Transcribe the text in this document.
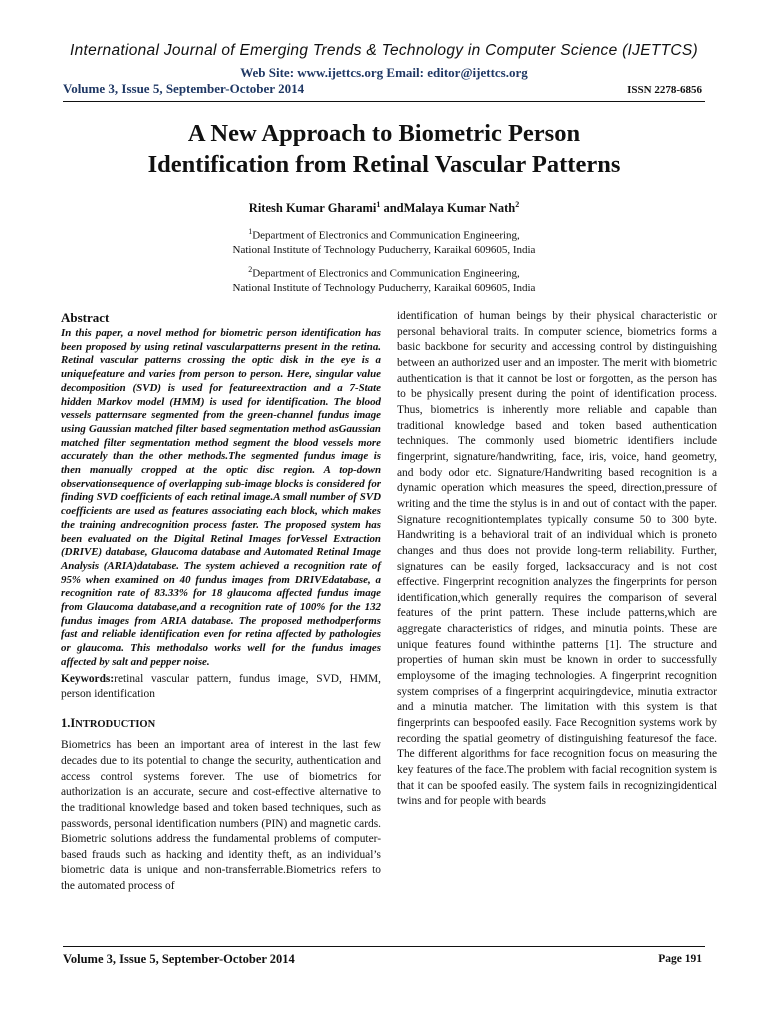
International Journal of Emerging Trends & Technology in Computer Science (IJETTCS)
Web Site: www.ijettcs.org Email: editor@ijettcs.org
Volume 3, Issue 5, September-October 2014	ISSN 2278-6856
A New Approach to Biometric Person
Identification from Retinal Vascular Patterns
Ritesh Kumar Gharami$^1$ andMalaya Kumar Nath$^2$
$^1$Department of Electronics and Communication Engineering,
National Institute of Technology Puducherry, Karaikal 609605, India
$^2$Department of Electronics and Communication Engineering,
National Institute of Technology Puducherry, Karaikal 609605, India
Abstract

In this paper, a novel method for biometric person identification has been proposed by using retinal vascularpatterns present in the retina. Retinal vascular patterns crossing the optic disk in the eye is a uniquefeature and varies from person to person. Here, singular value decomposition (SVD) is used for featureextraction and a 7-State hidden Markov model (HMM) is used for identification. The blood vessels patternsare segmented from the green-channel fundus image using Gaussian matched filter based segmentation method asGaussian matched filter segmentation method segment the blood vessels more accurately than the other methods.The segmented fundus image is then manually cropped at the optic disc region. A top-down observationsequence of overlapping sub-image blocks is considered for finding SVD coefficients of each retinal image.A small number of SVD coefficients are used as features associating each block, which makes the training andrecognition process faster. The proposed system has been evaluated on the Digital Retinal Images forVessel Extraction (DRIVE) database, Glaucoma database and Automated Retinal Image Analysis (ARIA)database. The system achieved a recognition rate of 95% when examined on 40 fundus images from DRIVEdatabase, a recognition rate of 83.33% for 18 glaucoma affected fundus image from Glaucoma database,and a recognition rate of 100% for the 132 fundus images from ARIA database. The proposed methodperforms fast and reliable identification even for retina affected by pathologies or glaucoma. This methodalso works well for the fundus images affected by salt and pepper noise.

Keywords:retinal vascular pattern, fundus image, SVD, HMM, person identification

1.INTRODUCTION

Biometrics has been an important area of interest in the last few decades due to its potential to change the security, authentication and access control systems forever. The use of biometrics for authorization is an accurate, secure and cost-effective alternative to the traditional knowledge based and token based techniques, such as passwords, personal identification numbers (PIN) and magnetic cards. Biometric solutions address the fundamental problems of computer-based frauds such as hacking and identity theft, as an individual’s biometric data is unique and non-transferrable.Biometrics refers to the automated process of

identification of human beings by their physical characteristic or personal behavioral traits. In computer science, biometrics forms a basic backbone for security and accessing control by distinguishing between an authorized user and an imposter. The merit with biometric authentication is that it cannot be lost or forgotten, as the person has to be physically present during the point of identification process. Thus, biometrics is inherently more reliable and capable than traditional knowledge based and token based authentication techniques. The commonly used biometric identifiers include fingerprint, signature/handwriting, face, iris, voice, hand geometry, and body odor etc. Signature/Handwriting based recognition is a dynamic operation which measures the speed, direction,pressure of writing and the time the stylus is in and out of contact with the paper. Signature recognitiontemplates typically consume 50 to 300 byte. Handwriting is a behavioral trait of an individual which is proneto changes and thus does not provide long-term reliability. Further, signatures can be easily forged, lacksaccuracy and is not cost effective. Fingerprint recognition analyzes the fingerprints for person identification,which generally requires the comparison of several features of the print pattern. These include patterns,which are aggregate characteristics of ridges, and minutia points. These are unique features found withinthe patterns [1]. The structure and properties of human skin must be known in order to successfully employsome of the imaging technologies. A fingerprint recognition system comprises of a fingerprint acquiringdevice, minutia extractor and a minutia matcher. The limitation with this system is that fingerprints can bespoofed easily. Face Recognition systems work by recording the spatial geometry of distinguishing featuresof the face. The different algorithms for face recognition focus on measuring the key features of the face.The problem with facial recognition system is that it can be spoofed easily. The system fails in recognizingidentical twins and for people with beards

Volume 3, Issue 5, September-October 2014	Page 191
